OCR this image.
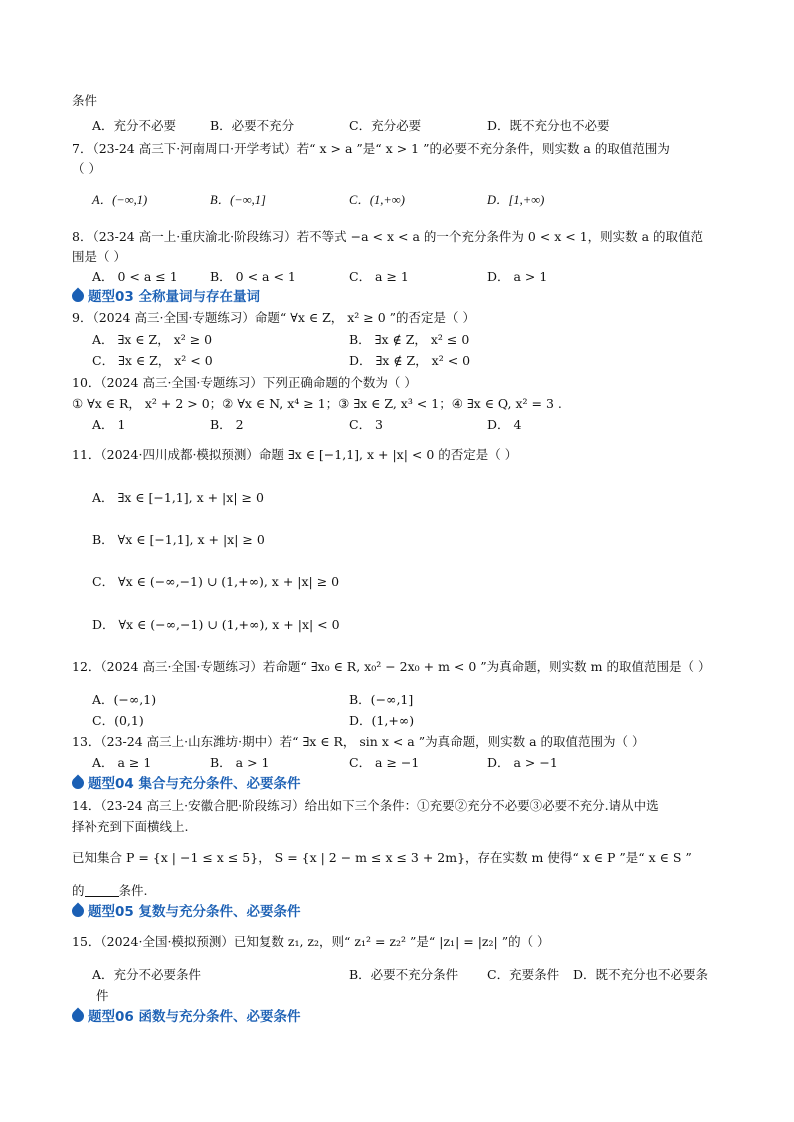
条件
A．充分不必要	B．必要不充分	C．充分必要	D．既不充分也不必要
7．（23-24 高三下·河南周口·开学考试）若“ x > a ”是“ x > 1 ”的必要不充分条件，则实数 a 的取值范围为
（ ）
A．(−∞,1)	B．(−∞,1]	C．(1,+∞)	D．[1,+∞)
8．（23-24 高一上·重庆渝北·阶段练习）若不等式 −a < x < a 的一个充分条件为 0 < x < 1，则实数 a 的取值范
围是（ ）
A． 0 < a ≤ 1	B． 0 < a < 1	C． a ≥ 1	D． a > 1
题型03 全称量词与存在量词
9．（2024 高三·全国·专题练习）命题“ ∀x ∈ Z， x² ≥ 0 ”的否定是（ ）
A． ∃x ∈ Z， x² ≥ 0	B． ∃x ∉ Z， x² ≤ 0
C． ∃x ∈ Z， x² < 0	D． ∃x ∉ Z， x² < 0
10．（2024 高三·全国·专题练习）下列正确命题的个数为（ ）
① ∀x ∈ R， x² + 2 > 0；② ∀x ∈ N, x⁴ ≥ 1；③ ∃x ∈ Z, x³ < 1；④ ∃x ∈ Q, x² = 3 .
A． 1	B． 2	C． 3	D． 4
11．（2024·四川成都·模拟预测）命题 ∃x ∈ [−1,1], x + |x| < 0 的否定是（ ）
A． ∃x ∈ [−1,1], x + |x| ≥ 0
B． ∀x ∈ [−1,1], x + |x| ≥ 0
C． ∀x ∈ (−∞,−1) ∪ (1,+∞), x + |x| ≥ 0
D． ∀x ∈ (−∞,−1) ∪ (1,+∞), x + |x| < 0
12．（2024 高三·全国·专题练习）若命题“ ∃x₀ ∈ R, x₀² − 2x₀ + m < 0 ”为真命题，则实数 m 的取值范围是（ ）
A．(−∞,1)	B．(−∞,1]
C．(0,1)	D．(1,+∞)
13．（23-24 高三上·山东潍坊·期中）若“ ∃x ∈ R， sin x < a ”为真命题，则实数 a 的取值范围为（ ）
A． a ≥ 1	B． a > 1	C． a ≥ −1	D． a > −1
题型04 集合与充分条件、必要条件
14．（23-24 高三上·安徽合肥·阶段练习）给出如下三个条件：①充要②充分不必要③必要不充分.请从中选
择补充到下面横线上.
已知集合 P = {x | −1 ≤ x ≤ 5}， S = {x | 2 − m ≤ x ≤ 3 + 2m}，存在实数 m 使得“ x ∈ P ”是“ x ∈ S ”
的	条件.
题型05 复数与充分条件、必要条件
15．（2024·全国·模拟预测）已知复数 z₁, z₂，则“ z₁² = z₂² ”是“ |z₁| = |z₂| ”的（ ）
A．充分不必要条件	B．必要不充分条件 C．充要条件 D．既不充分也不必要条
件
题型06 函数与充分条件、必要条件
